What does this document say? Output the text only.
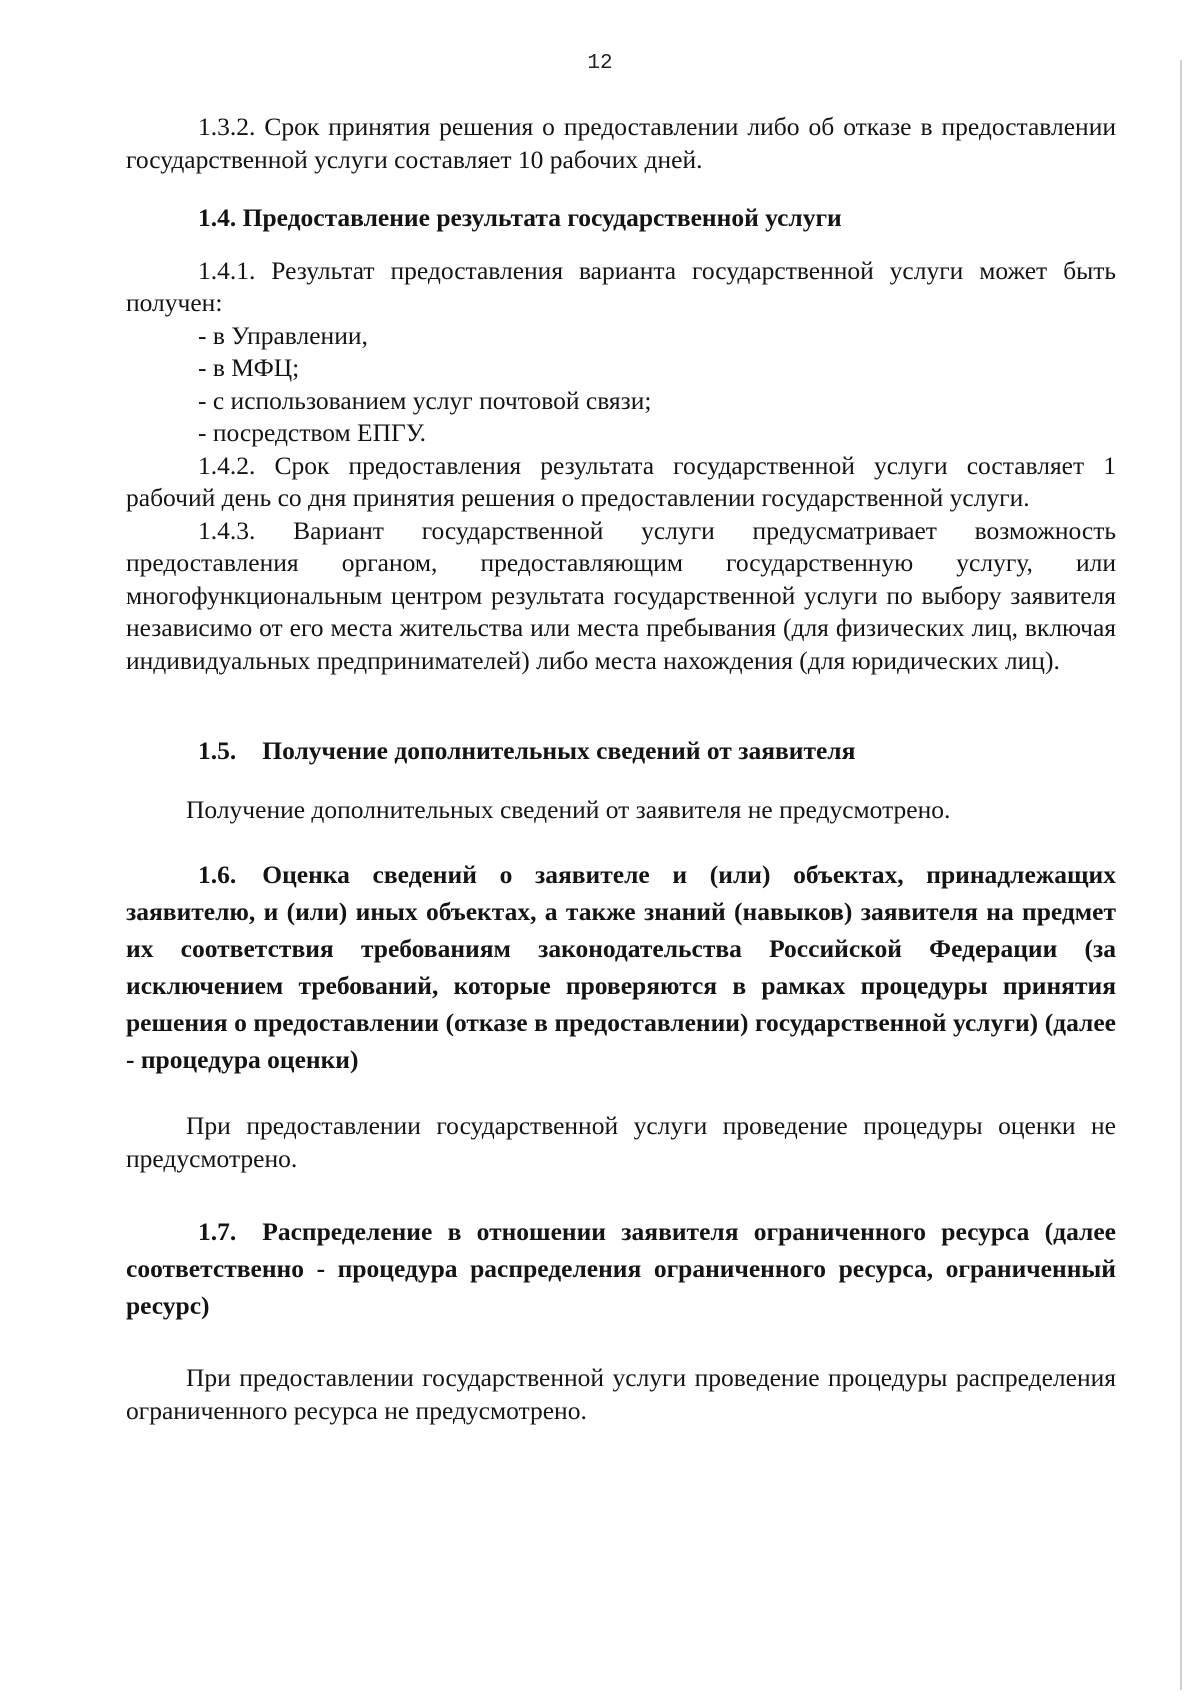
12

1.3.2. Срок принятия решения о предоставлении либо об отказе в предоставлении государственной услуги составляет 10 рабочих дней.

1.4. Предоставление результата государственной услуги

1.4.1. Результат предоставления варианта государственной услуги может быть получен:

- в Управлении,

- в МФЦ;

- с использованием услуг почтовой связи;

- посредством ЕПГУ.

1.4.2. Срок предоставления результата государственной услуги составляет 1 рабочий день со дня принятия решения о предоставлении государственной услуги.

1.4.3. Вариант государственной услуги предусматривает возможность предоставления органом, предоставляющим государственную услугу, или многофункциональным центром результата государственной услуги по выбору заявителя независимо от его места жительства или места пребывания (для физических лиц, включая индивидуальных предпринимателей) либо места нахождения (для юридических лиц).

1.5. Получение дополнительных сведений от заявителя

Получение дополнительных сведений от заявителя не предусмотрено.

1.6. Оценка сведений о заявителе и (или) объектах, принадлежащих заявителю, и (или) иных объектах, а также знаний (навыков) заявителя на предмет их соответствия требованиям законодательства Российской Федерации (за исключением требований, которые проверяются в рамках процедуры принятия решения о предоставлении (отказе в предоставлении) государственной услуги) (далее - процедура оценки)

При предоставлении государственной услуги проведение процедуры оценки не предусмотрено.

1.7. Распределение в отношении заявителя ограниченного ресурса (далее соответственно - процедура распределения ограниченного ресурса, ограниченный ресурс)

При предоставлении государственной услуги проведение процедуры распределения ограниченного ресурса не предусмотрено.
